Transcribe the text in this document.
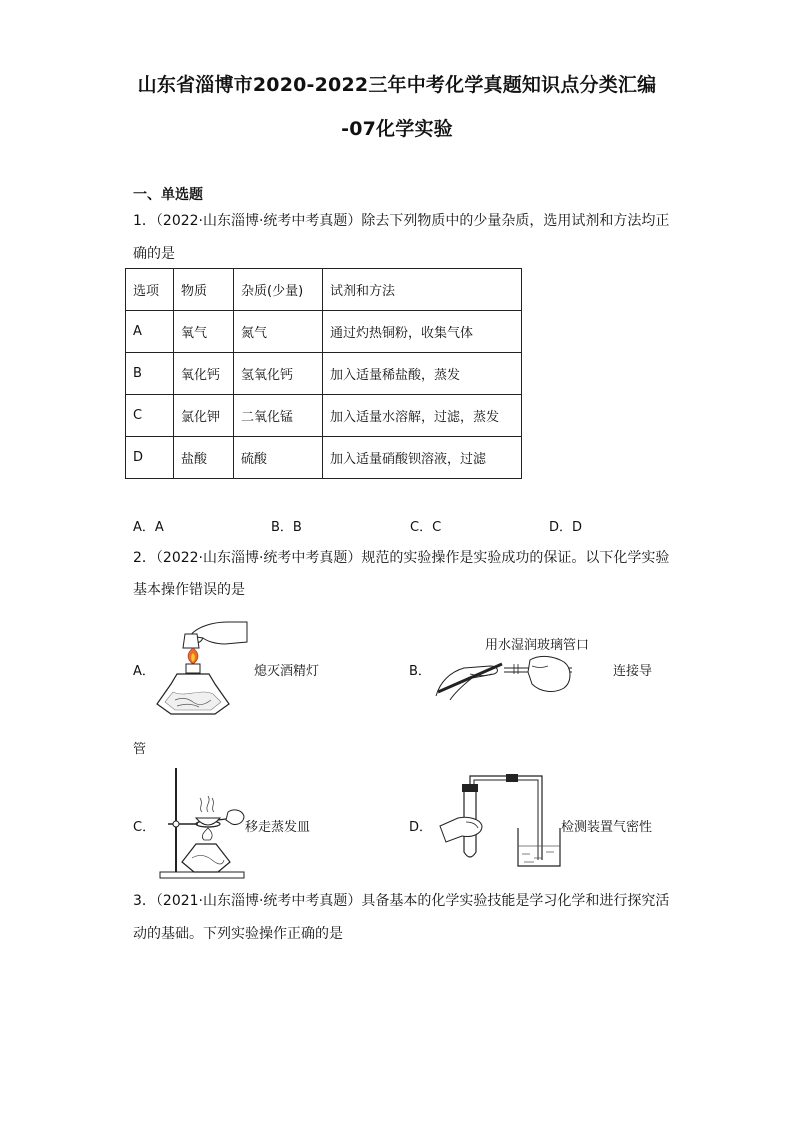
山东省淄博市2020-2022三年中考化学真题知识点分类汇编
-07化学实验
一、单选题
1．（2022·山东淄博·统考中考真题）除去下列物质中的少量杂质，选用试剂和方法均正
确的是
选项	物质	杂质(少量)	试剂和方法
A	氧气	氮气	通过灼热铜粉，收集气体
B	氧化钙	氢氧化钙	加入适量稀盐酸，蒸发
C	氯化钾	二氧化锰	加入适量水溶解，过滤，蒸发
D	盐酸	硫酸	加入适量硝酸钡溶液，过滤
A．A	B．B	C．C	D．D
2．（2022·山东淄博·统考中考真题）规范的实验操作是实验成功的保证。以下化学实验
基本操作错误的是
A．	熄灭酒精灯	B．
用水湿润玻璃管口
连接导
管
C．	移走蒸发皿	D．	检测装置气密性
3．（2021·山东淄博·统考中考真题）具备基本的化学实验技能是学习化学和进行探究活
动的基础。下列实验操作正确的是
